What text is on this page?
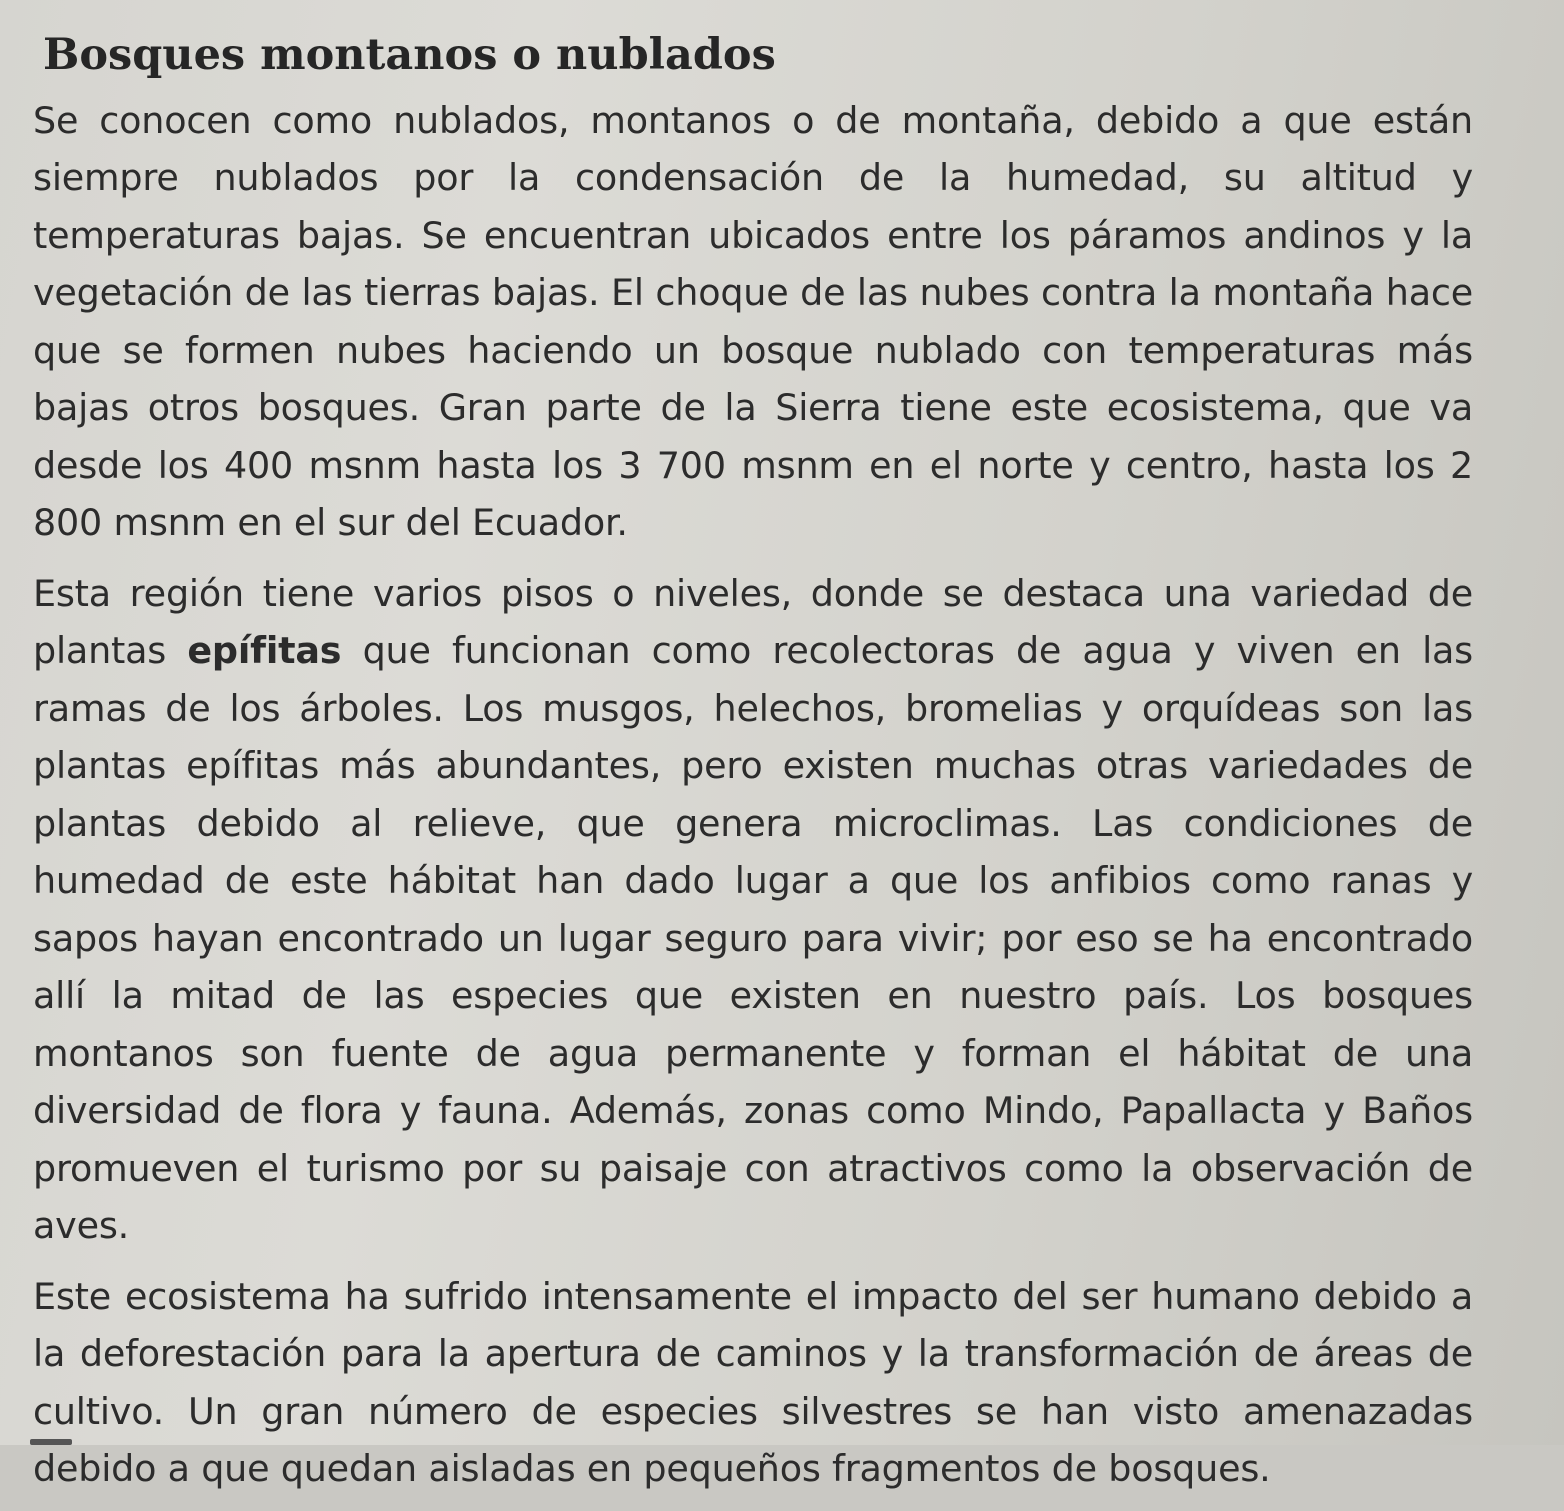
Bosques montanos o nublados

Se conocen como nublados, montanos o de montaña, debido a que están siempre nublados por la condensación de la humedad, su altitud y temperaturas bajas. Se encuentran ubicados entre los páramos andinos y la vegetación de las tierras bajas. El choque de las nubes contra la montaña hace que se formen nubes haciendo un bosque nublado con temperaturas más bajas otros bosques. Gran parte de la Sierra tiene este ecosistema, que va desde los 400 msnm hasta los 3 700 msnm en el norte y centro, hasta los 2 800 msnm en el sur del Ecuador.

Esta región tiene varios pisos o niveles, donde se destaca una variedad de plantas epífitas que funcionan como recolectoras de agua y viven en las ramas de los árboles. Los musgos, helechos, bromelias y orquídeas son las plantas epífitas más abundantes, pero existen muchas otras variedades de plantas debido al relieve, que genera microclimas. Las condiciones de humedad de este hábitat han dado lugar a que los anfibios como ranas y sapos hayan encontrado un lugar seguro para vivir; por eso se ha encontrado allí la mitad de las especies que existen en nuestro país. Los bosques montanos son fuente de agua permanente y forman el hábitat de una diversidad de flora y fauna. Además, zonas como Mindo, Papallacta y Baños promueven el turismo por su paisaje con atractivos como la observación de aves.

Este ecosistema ha sufrido intensamente el impacto del ser humano debido a la deforestación para la apertura de caminos y la transformación de áreas de cultivo. Un gran número de especies silvestres se han visto amenazadas debido a que quedan aisladas en pequeños fragmentos de bosques.
